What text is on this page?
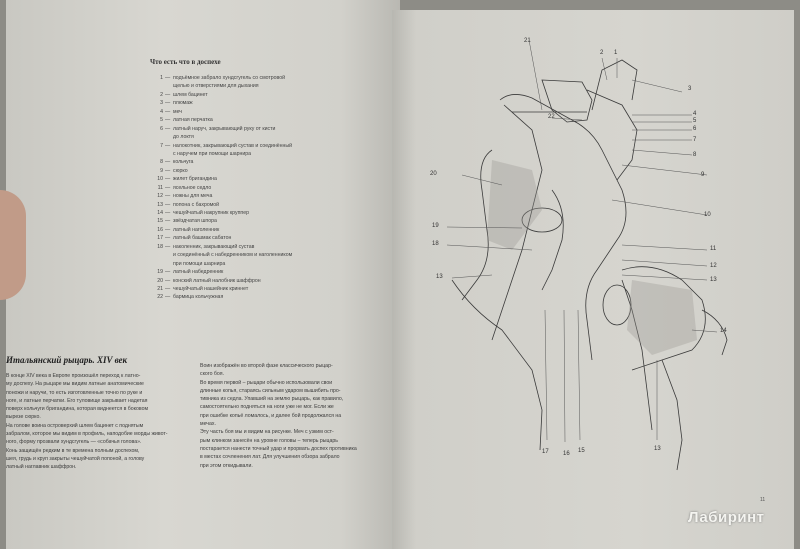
Что есть что в доспехе
1 — подъёмное забрало хундсгугель со смотровой
щелью и отверстиями для дыхания
2 — шлем бацинет
3 — плюмаж
4 — меч
5 — латная перчатка
6 — латный наруч, закрывающий руку от кисти
до локтя
7 — налокотник, закрывающий сустав и соединённый
с наручем при помощи шарнира
8 — кольчуга
9 — сюрко
10 — жилет бригандина
11 — ясельное седло
12 — ножны для меча
13 — попона с бахромой
14 — чешуйчатый накрупник круппер
15 — звёздчатая шпора
16 — латный наголенник
17 — латный башмак сабатон
18 — наколенник, закрывающий сустав
и соединённый с набедренником и наголенником
при помощи шарнира
19 — латный набедренник
20 — конский латный налобник шаффрон
21 — чешуйчатый нашейник криннет
22 — бармица кольчужная
Итальянский рыцарь. XIV век
В конце XIV века в Европе произошёл переход к латно-
му доспеху. На рыцаре мы видим латные анатомические
поножи и наручи, то есть изготовленные точно по руке и
ноге, и латные перчатки. Его туловище закрывает надетая
поверх кольчуги бригандина, которая виднеется в боковом
вырезе сюрко.
На голове воина островерхий шлем бацинет с поднятым
забралом, которое мы видим в профиль, наподобие морды живот-
ного, форму прозвали хундсгугель — «собачья голова».
Конь защищён редким в те времена полным доспехом,
шея, грудь и круп закрыты чешуйчатой попоной, а голову
латный наглавник шаффрон.
Воин изображён во второй фазе классического рыцар-
ского боя.
Во время первой – рыцари обычно использовали свои
длинные копья, стараясь сильным ударом вышибить про-
тивника из седла. Упавший на землю рыцарь, как правило,
самостоятельно подняться на ноги уже не мог. Если же
при ошибке копьё ломалось, и далее бой продолжался на
мечах.
Эту часть боя мы и видим на рисунке. Меч с узким ост-
рым клинком занесён на уровне головы – теперь рыцарь
постарается нанести точный удар и прорвать доспех противника
в местах сочленения лат. Для улучшения обзора забрало
при этом откидывали.
21
2 1
3
22	4
5
6
7
8
20	9
10
19
18
11
12
13	13
14
17 16 15	13
11
Лабиринт
